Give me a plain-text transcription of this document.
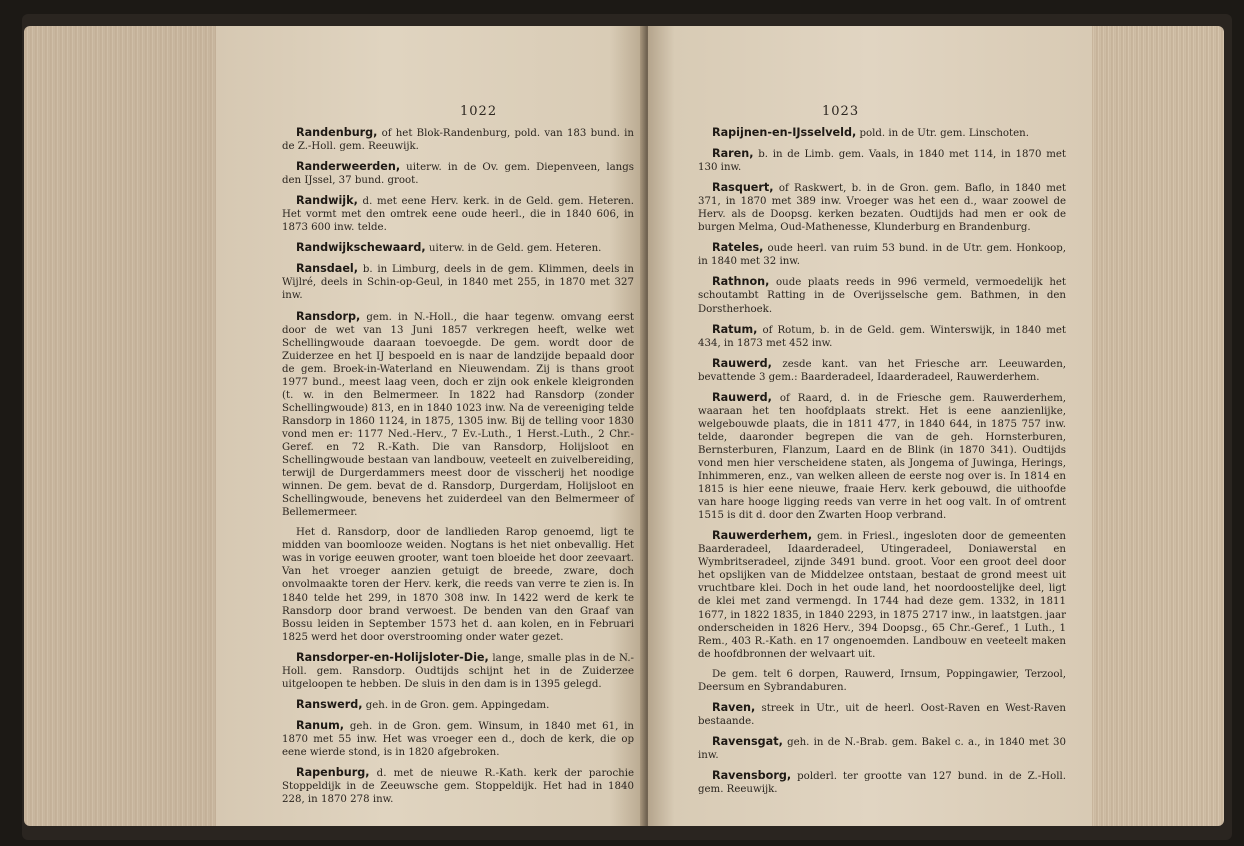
1022
Randenburg, of het Blok-Randenburg, pold. van 183 bund. in de Z.-Holl. gem. Reeuwijk.
Randerweerden, uiterw. in de Ov. gem. Diepenveen, langs den IJssel, 37 bund. groot.
Randwijk, d. met eene Herv. kerk. in de Geld. gem. Heteren. Het vormt met den omtrek eene oude heerl., die in 1840 606, in 1873 600 inw. telde.
Randwijkschewaard, uiterw. in de Geld. gem. Heteren.
Ransdael, b. in Limburg, deels in de gem. Klimmen, deels in Wijlré, deels in Schin-op-Geul, in 1840 met 255, in 1870 met 327 inw.
Ransdorp, gem. in N.-Holl., die haar tegenw. omvang eerst door de wet van 13 Juni 1857 verkregen heeft, welke wet Schellingwoude daaraan toevoegde. De gem. wordt door de Zuiderzee en het IJ bespoeld en is naar de landzijde bepaald door de gem. Broek-in-Waterland en Nieuwendam. Zij is thans groot 1977 bund., meest laag veen, doch er zijn ook enkele kleigronden (t. w. in den Belmermeer. In 1822 had Ransdorp (zonder Schellingwoude) 813, en in 1840 1023 inw. Na de vereeniging telde Ransdorp in 1860 1124, in 1875, 1305 inw. Bij de telling voor 1830 vond men er: 1177 Ned.-Herv., 7 Ev.-Luth., 1 Herst.-Luth., 2 Chr.-Geref. en 72 R.-Kath. Die van Ransdorp, Holijsloot en Schellingwoude bestaan van landbouw, veeteelt en zuivelbereiding, terwijl de Durgerdammers meest door de visscherij het noodige winnen. De gem. bevat de d. Ransdorp, Durgerdam, Holijsloot en Schellingwoude, benevens het zuiderdeel van den Belmermeer of Bellemermeer.
Het d. Ransdorp, door de landlieden Rarop genoemd, ligt te midden van boomlooze weiden. Nogtans is het niet onbevallig. Het was in vorige eeuwen grooter, want toen bloeide het door zeevaart. Van het vroeger aanzien getuigt de breede, zware, doch onvolmaakte toren der Herv. kerk, die reeds van verre te zien is. In 1840 telde het 299, in 1870 308 inw. In 1422 werd de kerk te Ransdorp door brand verwoest. De benden van den Graaf van Bossu leiden in September 1573 het d. aan kolen, en in Februari 1825 werd het door overstrooming onder water gezet.
Ransdorper-en-Holijsloter-Die, lange, smalle plas in de N.-Holl. gem. Ransdorp. Oudtijds schijnt het in de Zuiderzee uitgeloopen te hebben. De sluis in den dam is in 1395 gelegd.
Ranswerd, geh. in de Gron. gem. Appingedam.
Ranum, geh. in de Gron. gem. Winsum, in 1840 met 61, in 1870 met 55 inw. Het was vroeger een d., doch de kerk, die op eene wierde stond, is in 1820 afgebroken.
Rapenburg, d. met de nieuwe R.-Kath. kerk der parochie Stoppeldijk in de Zeeuwsche gem. Stoppeldijk. Het had in 1840 228, in 1870 278 inw.
1023
Rapijnen-en-IJsselveld, pold. in de Utr. gem. Linschoten.
Raren, b. in de Limb. gem. Vaals, in 1840 met 114, in 1870 met 130 inw.
Rasquert, of Raskwert, b. in de Gron. gem. Baflo, in 1840 met 371, in 1870 met 389 inw. Vroeger was het een d., waar zoowel de Herv. als de Doopsg. kerken bezaten. Oudtijds had men er ook de burgen Melma, Oud-Mathenesse, Klunderburg en Brandenburg.
Rateles, oude heerl. van ruim 53 bund. in de Utr. gem. Honkoop, in 1840 met 32 inw.
Rathnon, oude plaats reeds in 996 vermeld, vermoedelijk het schoutambt Ratting in de Overijsselsche gem. Bathmen, in den Dorstherhoek.
Ratum, of Rotum, b. in de Geld. gem. Winterswijk, in 1840 met 434, in 1873 met 452 inw.
Rauwerd, zesde kant. van het Friesche arr. Leeuwarden, bevattende 3 gem.: Baarderadeel, Idaarderadeel, Rauwerderhem.
Rauwerd, of Raard, d. in de Friesche gem. Rauwerderhem, waaraan het ten hoofdplaats strekt. Het is eene aanzienlijke, welgebouwde plaats, die in 1811 477, in 1840 644, in 1875 757 inw. telde, daaronder begrepen die van de geh. Hornsterburen, Bernsterburen, Flanzum, Laard en de Blink (in 1870 341). Oudtijds vond men hier verscheidene staten, als Jongema of Juwinga, Herings, Inhimmeren, enz., van welken alleen de eerste nog over is. In 1814 en 1815 is hier eene nieuwe, fraaie Herv. kerk gebouwd, die uithoofde van hare hooge ligging reeds van verre in het oog valt. In of omtrent 1515 is dit d. door den Zwarten Hoop verbrand.
Rauwerderhem, gem. in Friesl., ingesloten door de gemeenten Baarderadeel, Idaarderadeel, Utingeradeel, Doniawerstal en Wymbritseradeel, zijnde 3491 bund. groot. Voor een groot deel door het opslijken van de Middelzee ontstaan, bestaat de grond meest uit vruchtbare klei. Doch in het oude land, het noordoostelijke deel, ligt de klei met zand vermengd. In 1744 had deze gem. 1332, in 1811 1677, in 1822 1835, in 1840 2293, in 1875 2717 inw., in laatstgen. jaar onderscheiden in 1826 Herv., 394 Doopsg., 65 Chr.-Geref., 1 Luth., 1 Rem., 403 R.-Kath. en 17 ongenoemden. Landbouw en veeteelt maken de hoofdbronnen der welvaart uit.
De gem. telt 6 dorpen, Rauwerd, Irnsum, Poppingawier, Terzool, Deersum en Sybrandaburen.
Raven, streek in Utr., uit de heerl. Oost-Raven en West-Raven bestaande.
Ravensgat, geh. in de N.-Brab. gem. Bakel c. a., in 1840 met 30 inw.
Ravensborg, polderl. ter grootte van 127 bund. in de Z.-Holl. gem. Reeuwijk.
